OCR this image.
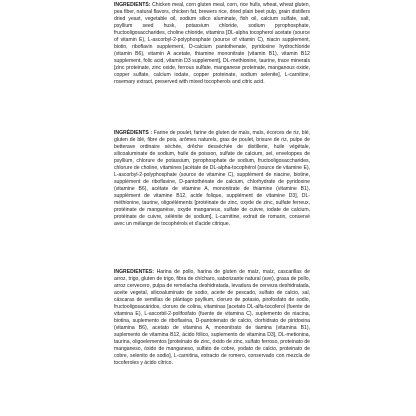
INGREDIENTS: Chicken meal, corn gluten meal, corn, rice hulls, wheat, wheat gluten, pea fiber, natural flavors, chicken fat, brewers rice, dried plain beet pulp, grain distillers dried yeast, vegetable oil, sodium silico aluminate, fish oil, calcium sulfate, salt, psyllium seed husk, potassium chloride, sodium pyrophosphate, fructooligosaccharides, choline chloride, vitamins [DL-alpha tocopherol acetate (source of vitamin E), L-ascorbyl-2-polyphosphate (source of vitamin C), niacin supplement, biotin, riboflavin supplement, D-calcium pantothenate, pyridoxine hydrochloride (vitamin B6), vitamin A acetate, thiamine mononitrate (vitamin B1), vitamin B12 supplement, folic acid, vitamin D3 supplement], DL-methionine, taurine, trace minerals [zinc proteinate, zinc oxide, ferrous sulfate, manganese proteinate, manganous oxide, copper sulfate, calcium iodate, copper proteinate, sodium selenite], L-carnitine, rosemary extract, preserved with mixed tocopherols and citric acid.

INGRÉDIENTS : Farine de poulet, farine de gluten de maïs, maïs, écorces de riz, blé, gluten de blé, fibre de pois, arômes naturels, gras de poulet, brisure de riz, pulpe de betterave ordinaire séchée, drêche desséchée de distillerie, huile végétale, silicoaluminate de sodium, huile de poisson, sulfate de calcium, sel, enveloppes de psyllium, chlorure de potassium, pyrophosphate de sodium, fructooligosaccharides, chlorure de choline, vitamines [acétate de DL-alpha-tocophérol (source de vitamine E), L-ascorbyl-2-polyphosphate (source de vitamine C), supplément de niacine, biotine, supplément de riboflavine, D-pantothénate de calcium, chlorhydrate de pyridoxine (vitamine B6), acétate de vitamine A, mononitrate de thiamine (vitamine B1), supplément de vitamine B12, acide folique, supplément de vitamine D3], DL-méthionine, taurine, oligoéléments [protéinate de zinc, oxyde de zinc, sulfate ferreux, protéinate de manganèse, oxyde manganeux, sulfate de cuivre, iodate de calcium, protéinate de cuivre, sélénite de sodium], L-carnitine, extrait de romarin, conservé avec un mélange de tocophérols et d'acide citrique.

INGREDIENTES: Harina de pollo, harina de gluten de maíz, maíz, cascarillas de arroz, trigo, gluten de trigo, fibra de chícharo, saborizante natural (ave), grasa de pollo, arroz cervecero, pulpa de remolacha deshidratada, levadura de cerveza deshidratada, aceite vegetal, silicoaluminato de sodio, aceite de pescado, sulfato de calcio, sal, cáscaras de semillas de plántago psyllium, cloruro de potasio, pirofosfato de sodio, fructooligosacáridos, cloruro de colina, vitaminas [acetato DL-alfa-tocoferol (fuente de vitamina E), L-ascorbil-2-polifosfato (fuente de vitamina C), suplemento de niacina, biotina, suplemento de riboflavina, D-pantotenato de calcio, clorhidrato de piridoxina (vitamina B6), acetato de vitamina A, mononitrato de tiamina (vitamina B1), suplemento de vitamina B12, ácido fólico, suplemento de vitamina D3], DL-metionina, taurina, oligoelementos [proteinato de zinc, óxido de zinc, sulfato ferroso, proteinato de manganeso, óxido de manganeso, sulfato de cobre, yodato de calcio, proteinato de cobre, selenito de sodio], L-carnitina, extracto de romero, conservado con mezcla de tocoferoles y ácido cítrico.
